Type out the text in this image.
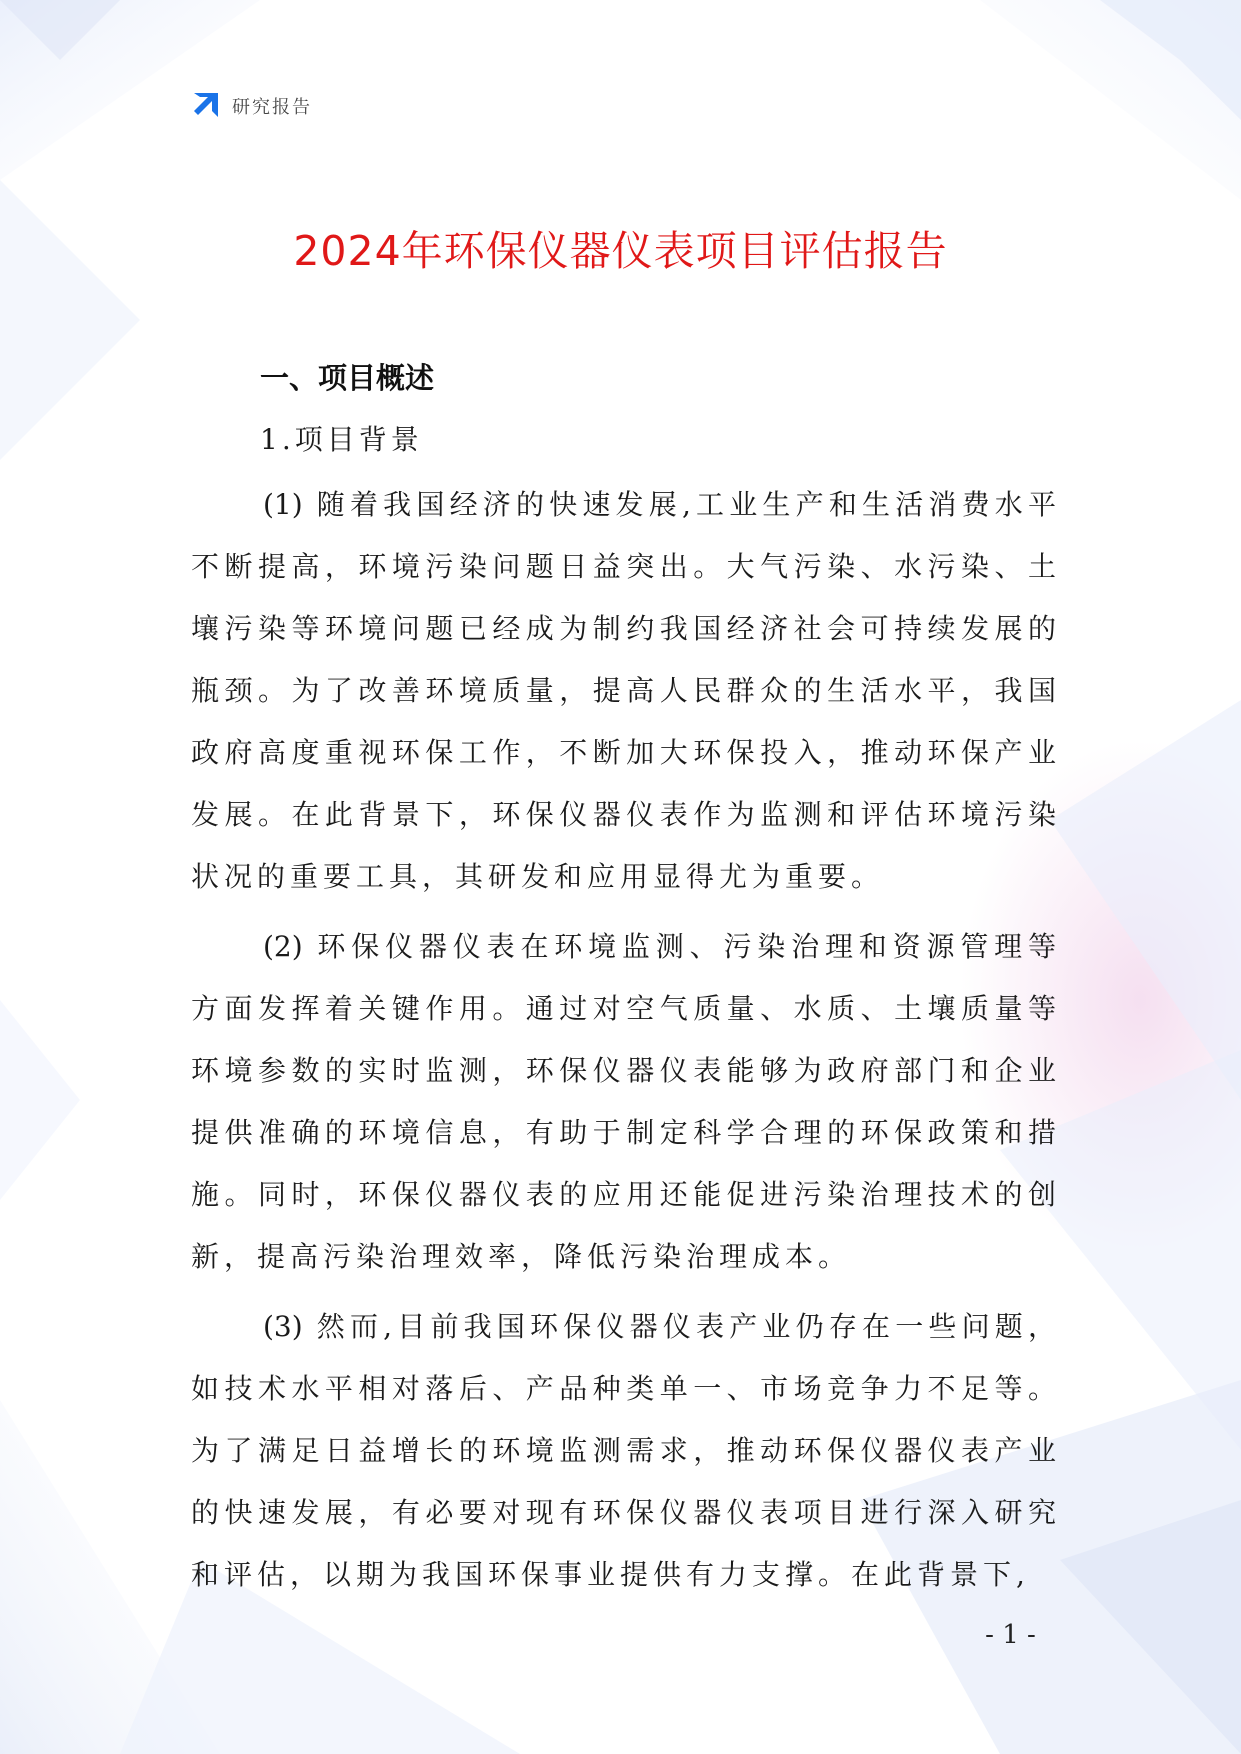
研究报告
2024年环保仪器仪表项目评估报告
一、项目概述
1.项目背景

(1) 随着我国经济的快速发展,工业生产和生活消费水平不断提高，环境污染问题日益突出。大气污染、水污染、土壤污染等环境问题已经成为制约我国经济社会可持续发展的瓶颈。为了改善环境质量，提高人民群众的生活水平，我国政府高度重视环保工作，不断加大环保投入，推动环保产业发展。在此背景下，环保仪器仪表作为监测和评估环境污染状况的重要工具，其研发和应用显得尤为重要。

(2) 环保仪器仪表在环境监测、污染治理和资源管理等方面发挥着关键作用。通过对空气质量、水质、土壤质量等环境参数的实时监测，环保仪器仪表能够为政府部门和企业提供准确的环境信息，有助于制定科学合理的环保政策和措施。同时，环保仪器仪表的应用还能促进污染治理技术的创新，提高污染治理效率，降低污染治理成本。

(3) 然而,目前我国环保仪器仪表产业仍存在一些问题，如技术水平相对落后、产品种类单一、市场竞争力不足等。为了满足日益增长的环境监测需求，推动环保仪器仪表产业的快速发展，有必要对现有环保仪器仪表项目进行深入研究和评估，以期为我国环保事业提供有力支撑。在此背景下,

- 1 -
